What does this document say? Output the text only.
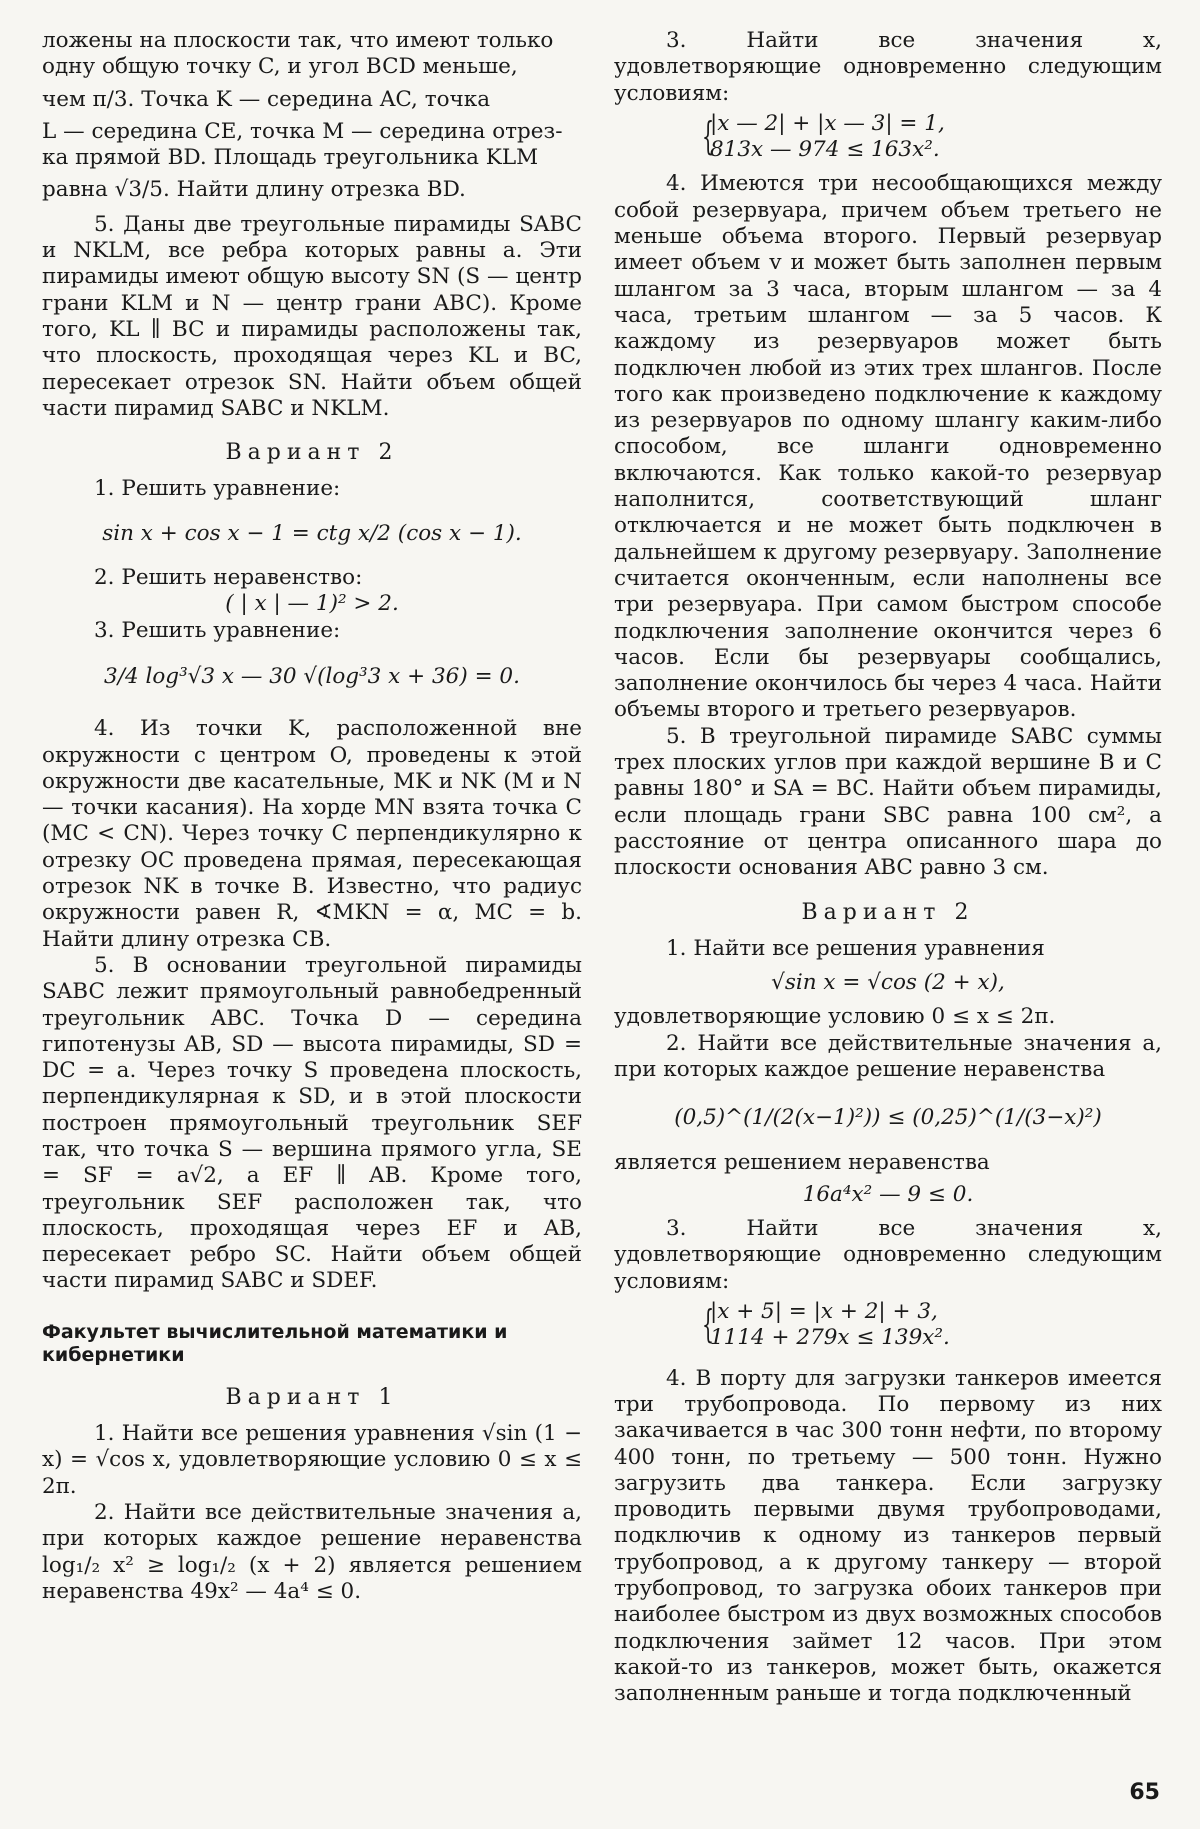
ложены на плоскости так, что имеют только

одну общую точку C, и угол BCD меньше,

чем π/3. Точка K — середина AC, точка

L — середина CE, точка M — середина отрез-

ка прямой BD. Площадь треугольника KLM

равна √3/5. Найти длину отрезка BD.

5. Даны две треугольные пирамиды SABC и NKLM, все ребра которых равны a. Эти пирамиды имеют общую высоту SN (S — центр грани KLM и N — центр грани ABC). Кроме того, KL ∥ BC и пирамиды расположены так, что плоскость, проходящая через KL и BC, пересекает отрезок SN. Найти объем общей части пирамид SABC и NKLM.

Вариант 2

1. Решить уравнение:

sin x + cos x − 1 = ctg x/2 (cos x − 1).

2. Решить неравенство:

( | x | — 1)² > 2.

3. Решить уравнение:

3/4 log³√3 x — 30 √(log³3 x + 36) = 0.

4. Из точки K, расположенной вне окружности с центром O, проведены к этой окружности две касательные, MK и NK (M и N — точки касания). На хорде MN взята точка C (MC < CN). Через точку C перпендикулярно к отрезку OC проведена прямая, пересекающая отрезок NK в точке B. Известно, что радиус окружности равен R, ∢MKN = α, MC = b. Найти длину отрезка CB.

5. В основании треугольной пирамиды SABC лежит прямоугольный равнобедренный треугольник ABC. Точка D — середина гипотенузы AB, SD — высота пирамиды, SD = DC = a. Через точку S проведена плоскость, перпендикулярная к SD, и в этой плоскости построен прямоугольный треугольник SEF так, что точка S — вершина прямого угла, SE = SF = a√2, a EF ∥ AB. Кроме того, треугольник SEF расположен так, что плоскость, проходящая через EF и AB, пересекает ребро SC. Найти объем общей части пирамид SABC и SDEF.

Факультет вычислительной математики и кибернетики
Вариант 1

1. Найти все решения уравнения √sin (1 − x) = √cos x, удовлетворяющие условию 0 ≤ x ≤ 2π.

2. Найти все действительные значения a, при которых каждое решение неравенства log₁/₂ x² ≥ log₁/₂ (x + 2) является решением неравенства 49x² — 4a⁴ ≤ 0.

3. Найти все значения x, удовлетворяющие одновременно следующим условиям:

{
|x — 2| + |x — 3| = 1,
813x — 974 ≤ 163x².

4. Имеются три несообщающихся между собой резервуара, причем объем третьего не меньше объема второго. Первый резервуар имеет объем v и может быть заполнен первым шлангом за 3 часа, вторым шлангом — за 4 часа, третьим шлангом — за 5 часов. К каждому из резервуаров может быть подключен любой из этих трех шлангов. После того как произведено подключение к каждому из резервуаров по одному шлангу каким-либо способом, все шланги одновременно включаются. Как только какой-то резервуар наполнится, соответствующий шланг отключается и не может быть подключен в дальнейшем к другому резервуару. Заполнение считается оконченным, если наполнены все три резервуара. При самом быстром способе подключения заполнение окончится через 6 часов. Если бы резервуары сообщались, заполнение окончилось бы через 4 часа. Найти объемы второго и третьего резервуаров.

5. В треугольной пирамиде SABC суммы трех плоских углов при каждой вершине B и C равны 180° и SA = BC. Найти объем пирамиды, если площадь грани SBC равна 100 см², а расстояние от центра описанного шара до плоскости основания ABC равно 3 см.

Вариант 2

1. Найти все решения уравнения

√sin x = √cos (2 + x),

удовлетворяющие условию 0 ≤ x ≤ 2π.

2. Найти все действительные значения a, при которых каждое решение неравенства

(0,5)^(1/(2(x−1)²)) ≤ (0,25)^(1/(3−x)²)

является решением неравенства

16a⁴x² — 9 ≤ 0.

3. Найти все значения x, удовлетворяющие одновременно следующим условиям:

{
|x + 5| = |x + 2| + 3,
1114 + 279x ≤ 139x².

4. В порту для загрузки танкеров имеется три трубопровода. По первому из них закачивается в час 300 тонн нефти, по второму 400 тонн, по третьему — 500 тонн. Нужно загрузить два танкера. Если загрузку проводить первыми двумя трубопроводами, подключив к одному из танкеров первый трубопровод, а к другому танкеру — второй трубопровод, то загрузка обоих танкеров при наиболее быстром из двух возможных способов подключения займет 12 часов. При этом какой-то из танкеров, может быть, окажется заполненным раньше и тогда подключенный

65
